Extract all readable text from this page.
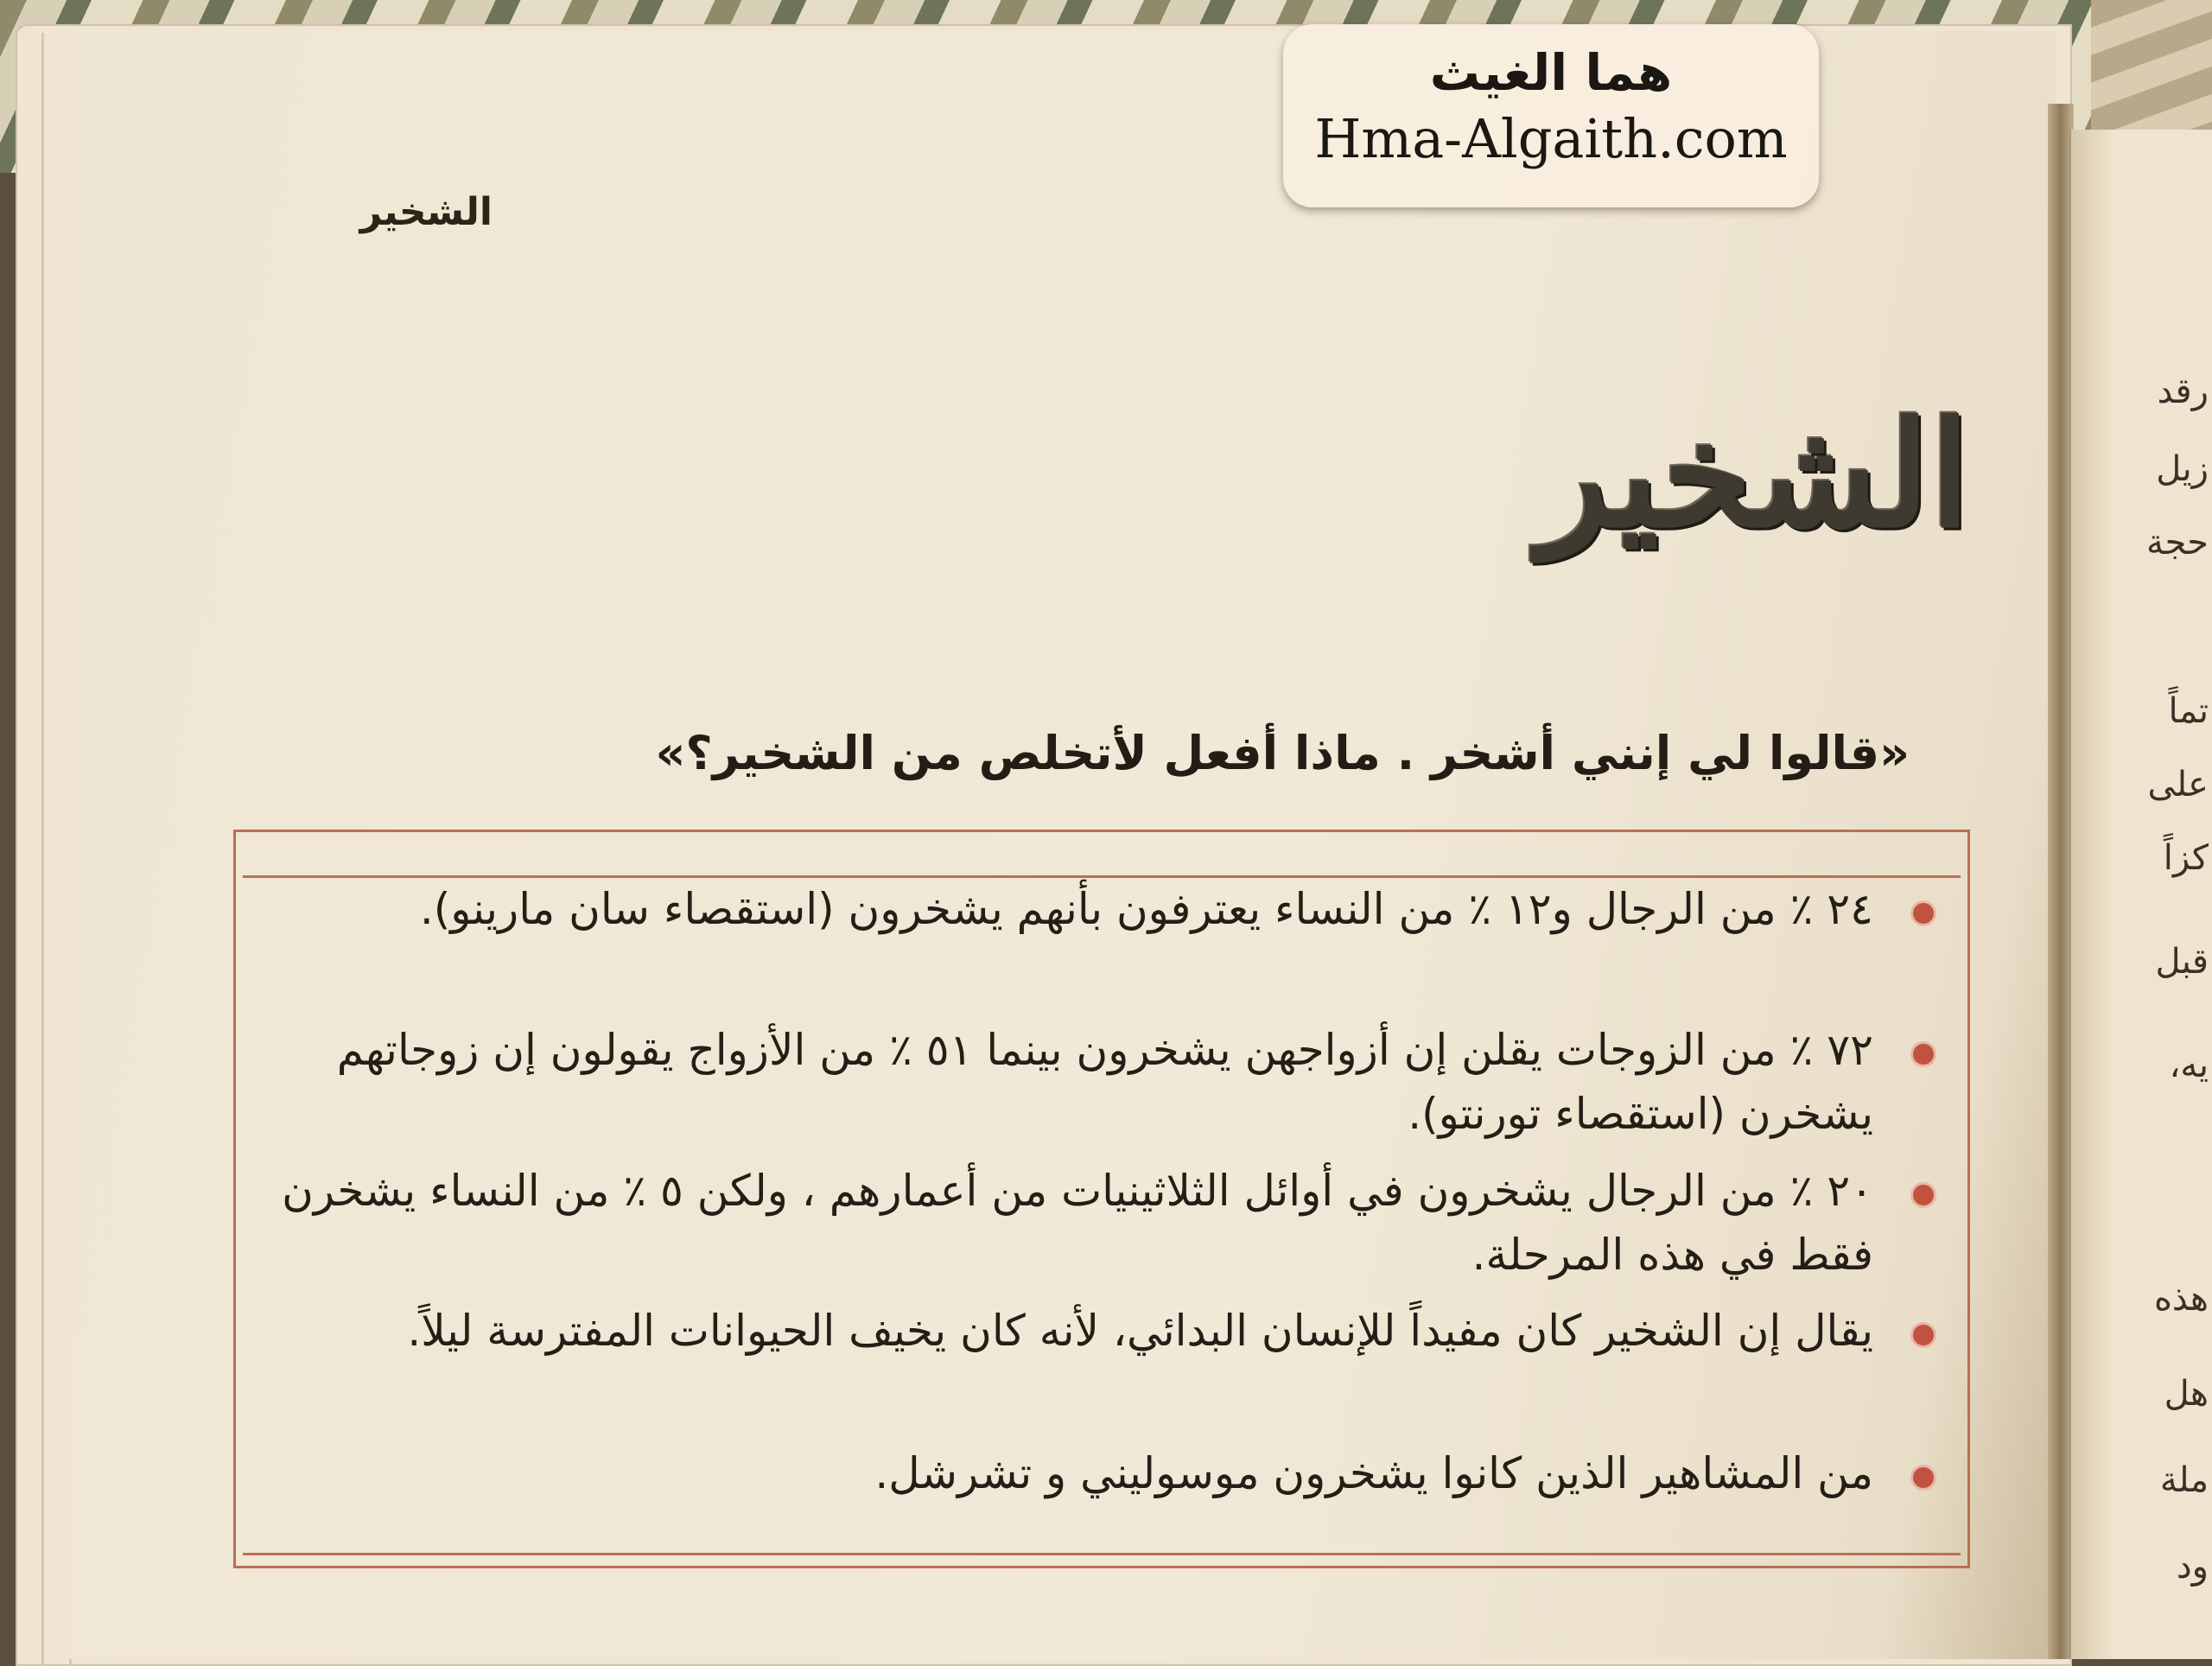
رقد
زيل
حجة
تماً
على
كزاً
قبل
يه،
هذه
هل
ملة
ود
الشخير
الشخير
«قالوا لي إنني أشخر . ماذا أفعل لأتخلص من الشخير؟»
٢٤ ٪ من الرجال و١٢ ٪ من النساء يعترفون بأنهم يشخرون (استقصاء سان مارينو).
٧٢ ٪ من الزوجات يقلن إن أزواجهن يشخرون بينما ٥١ ٪ من الأزواج يقولون إن زوجاتهم يشخرن (استقصاء تورنتو).
٢٠ ٪ من الرجال يشخرون في أوائل الثلاثينيات من أعمارهم ، ولكن ٥ ٪ من النساء يشخرن فقط في هذه المرحلة.
يقال إن الشخير كان مفيداً للإنسان البدائي، لأنه كان يخيف الحيوانات المفترسة ليلاً.
من المشاهير الذين كانوا يشخرون موسوليني و تشرشل.
هما الغيث
Hma-Algaith.com
